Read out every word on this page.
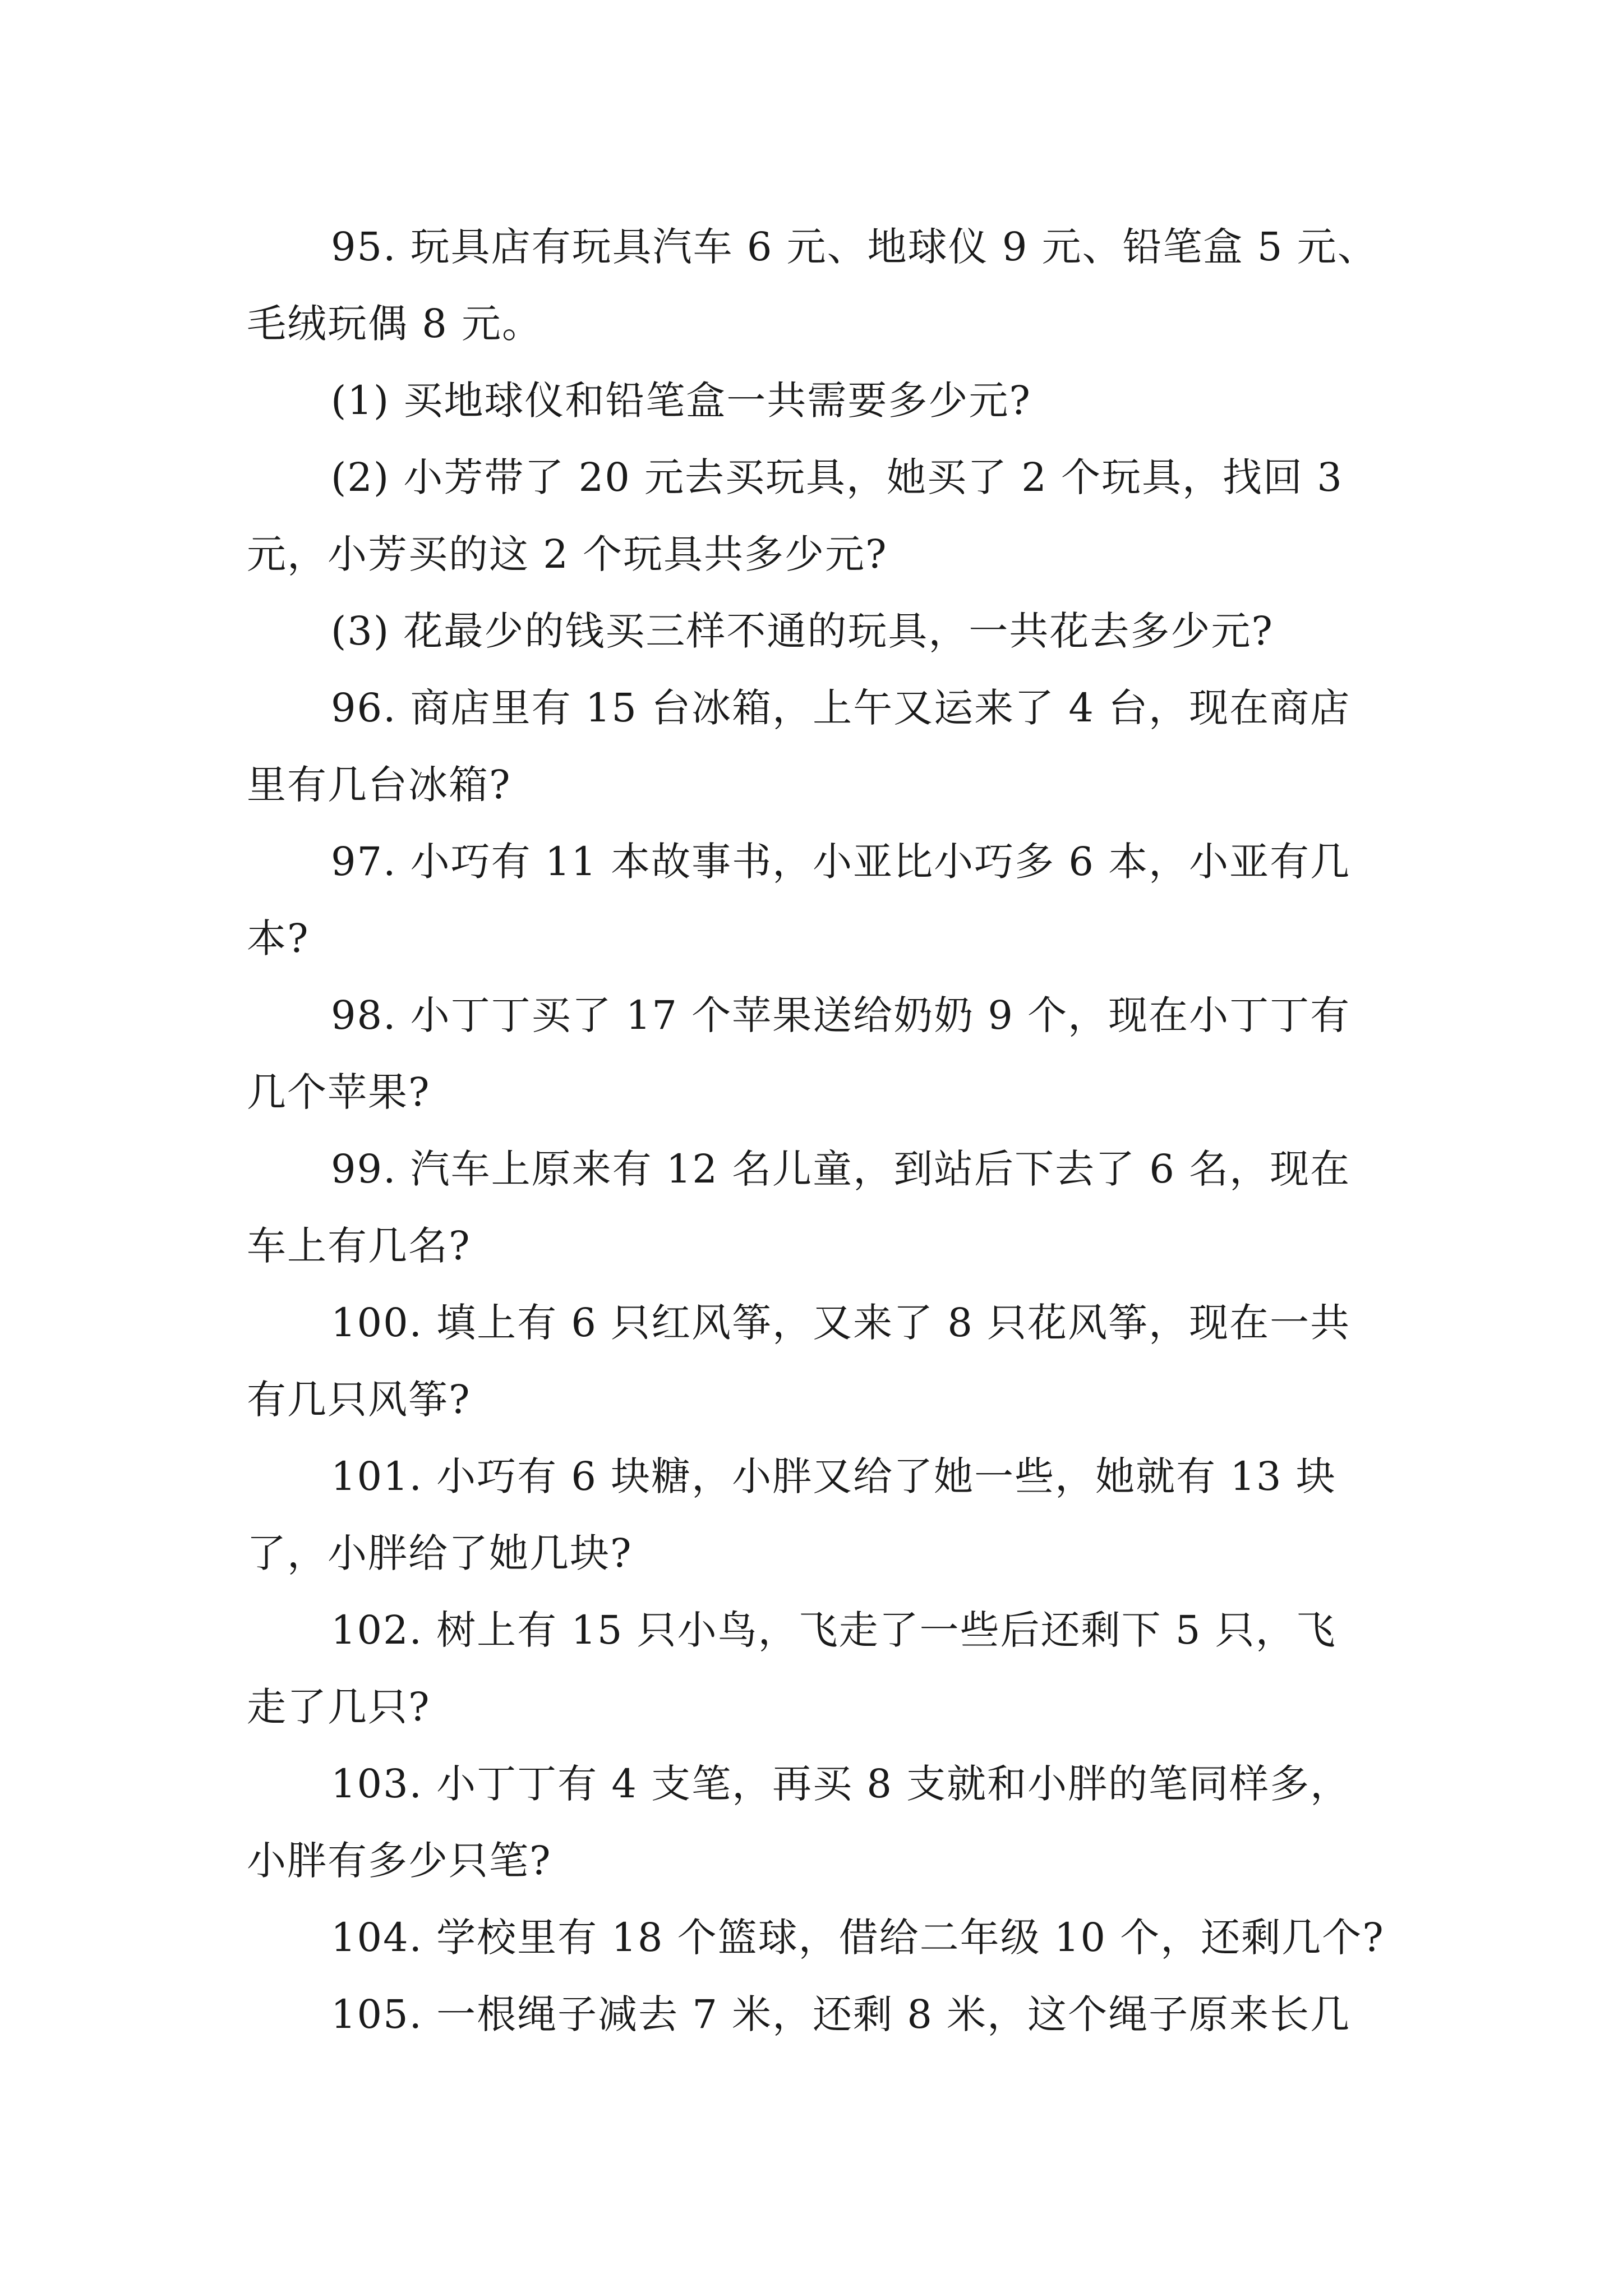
95. 玩具店有玩具汽车 6 元、地球仪 9 元、铅笔盒 5 元、
毛绒玩偶 8 元。

(1) 买地球仪和铅笔盒一共需要多少元?

(2) 小芳带了 20 元去买玩具，她买了 2 个玩具，找回 3
元，小芳买的这 2 个玩具共多少元?

(3) 花最少的钱买三样不通的玩具，一共花去多少元?

96. 商店里有 15 台冰箱，上午又运来了 4 台，现在商店
里有几台冰箱?

97. 小巧有 11 本故事书，小亚比小巧多 6 本，小亚有几
本?

98. 小丁丁买了 17 个苹果送给奶奶 9 个，现在小丁丁有
几个苹果?

99. 汽车上原来有 12 名儿童，到站后下去了 6 名，现在
车上有几名?

100. 填上有 6 只红风筝，又来了 8 只花风筝，现在一共
有几只风筝?

101. 小巧有 6 块糖，小胖又给了她一些，她就有 13 块
了，小胖给了她几块?

102. 树上有 15 只小鸟，飞走了一些后还剩下 5 只，飞
走了几只?

103. 小丁丁有 4 支笔，再买 8 支就和小胖的笔同样多，
小胖有多少只笔?

104. 学校里有 18 个篮球，借给二年级 10 个，还剩几个?

105. 一根绳子减去 7 米，还剩 8 米，这个绳子原来长几
